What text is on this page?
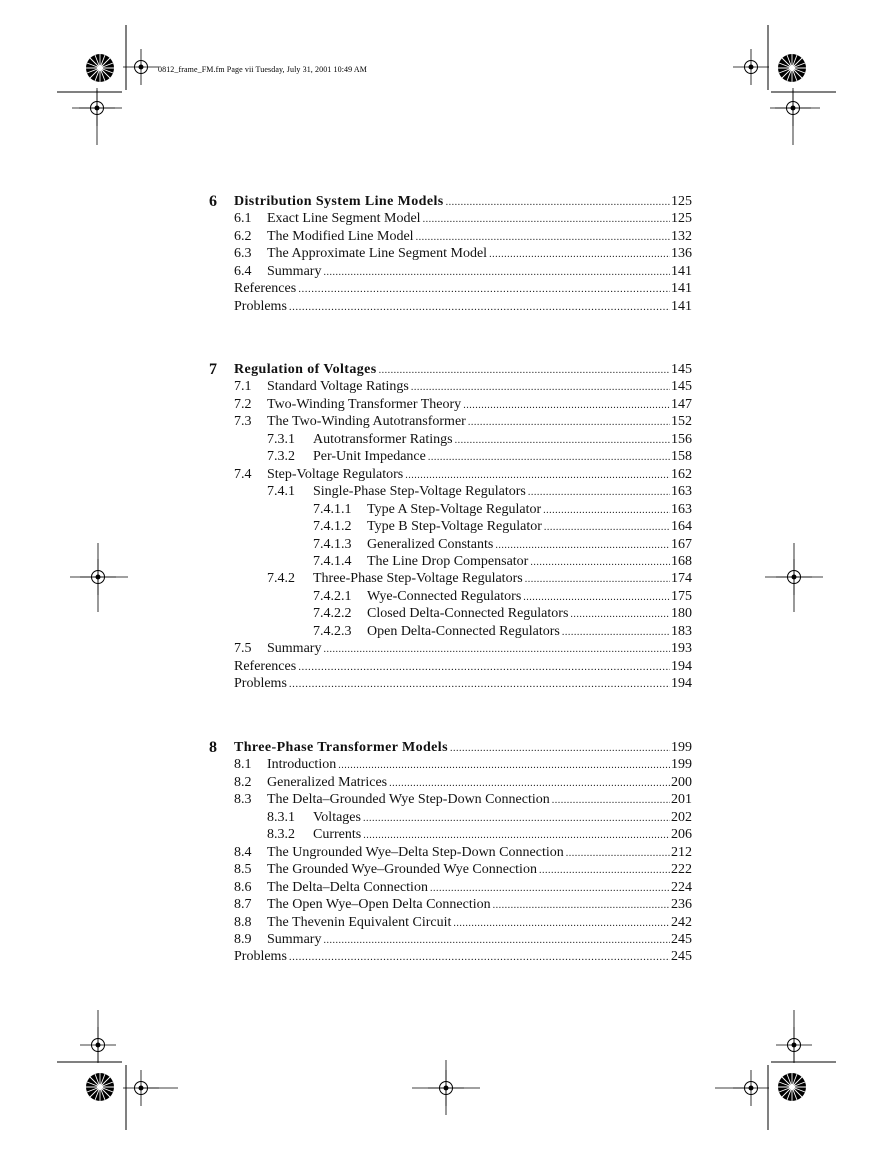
0812_frame_FM.fm Page vii Tuesday, July 31, 2001 10:49 AM
6 Distribution System Line Models .....	125
6.1	Exact Line Segment Model .....	125
6.2	The Modified Line Model .....	132
6.3	The Approximate Line Segment Model .....	136
6.4	Summary .....	141
References .....	141
Problems .....	141
7 Regulation of Voltages .....	145
7.1	Standard Voltage Ratings .....	145
7.2	Two-Winding Transformer Theory .....	147
7.3	The Two-Winding Autotransformer .....	152
7.3.1	Autotransformer Ratings .....	156
7.3.2	Per-Unit Impedance .....	158
7.4	Step-Voltage Regulators .....	162
7.4.1	Single-Phase Step-Voltage Regulators .....	163
7.4.1.1	Type A Step-Voltage Regulator .....	163
7.4.1.2	Type B Step-Voltage Regulator .....	164
7.4.1.3	Generalized Constants .....	167
7.4.1.4	The Line Drop Compensator .....	168
7.4.2	Three-Phase Step-Voltage Regulators .....	174
7.4.2.1	Wye-Connected Regulators .....	175
7.4.2.2	Closed Delta-Connected Regulators .....	180
7.4.2.3	Open Delta-Connected Regulators .....	183
7.5	Summary .....	193
References .....	194
Problems .....	194
8 Three-Phase Transformer Models .....	199
8.1	Introduction .....	199
8.2	Generalized Matrices .....	200
8.3	The Delta–Grounded Wye Step-Down Connection .....	201
8.3.1	Voltages .....	202
8.3.2	Currents .....	206
8.4	The Ungrounded Wye–Delta Step-Down Connection .....	212
8.5	The Grounded Wye–Grounded Wye Connection .....	222
8.6	The Delta–Delta Connection .....	224
8.7	The Open Wye–Open Delta Connection .....	236
8.8	The Thevenin Equivalent Circuit .....	242
8.9	Summary .....	245
Problems .....	245
